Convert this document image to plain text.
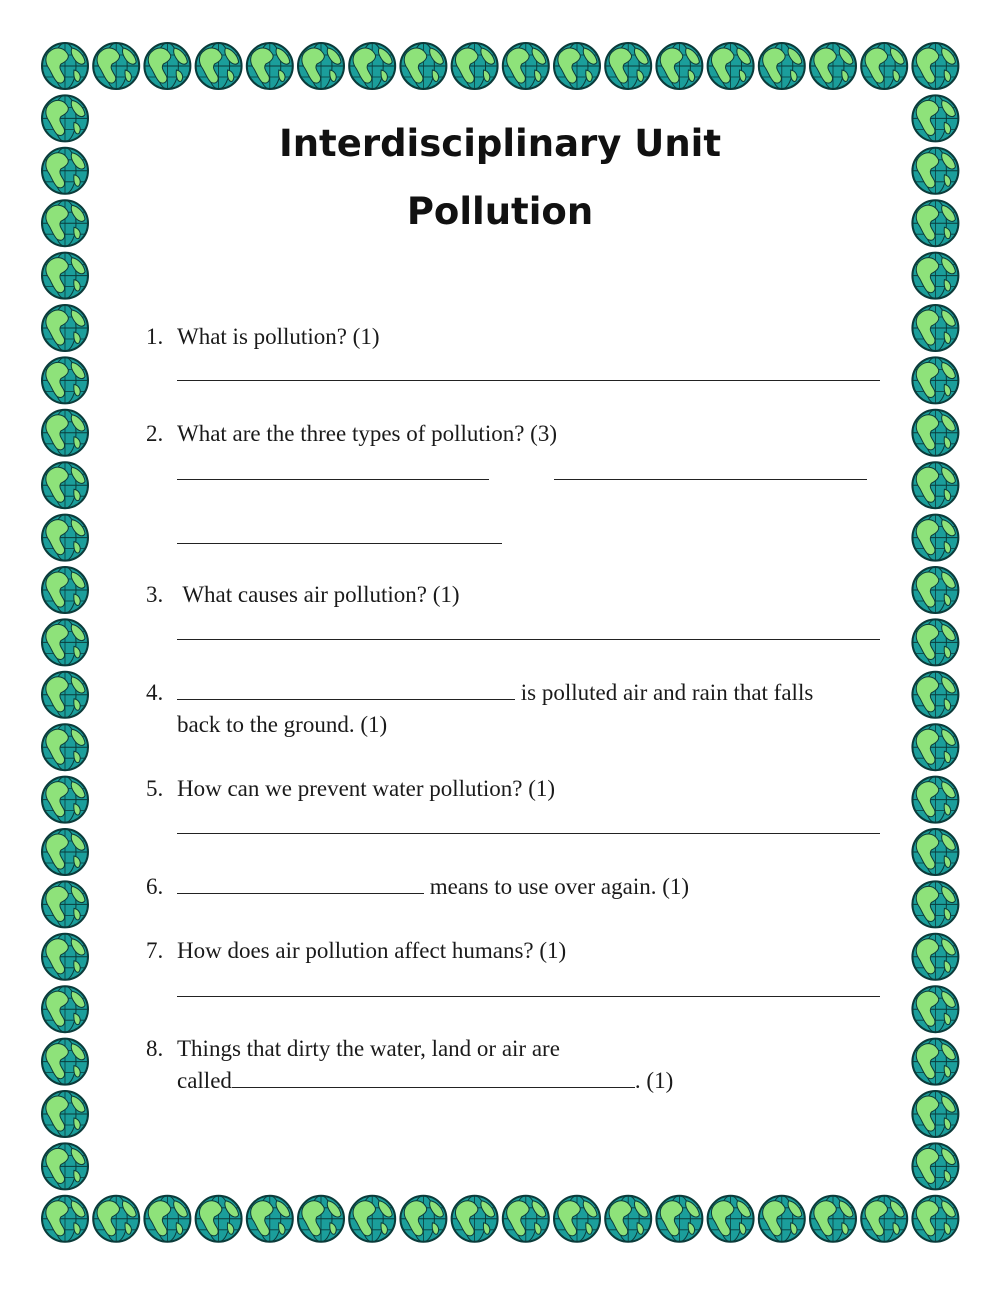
Interdisciplinary Unit
Pollution
1. What is pollution? (1)
2. What are the three types of pollution? (3)
3. What causes air pollution? (1)
4.	is polluted air and rain that falls
back to the ground. (1)
5. How can we prevent water pollution? (1)
6.	means to use over again. (1)
7. How does air pollution affect humans? (1)
8. Things that dirty the water, land or air are
called	. (1)
